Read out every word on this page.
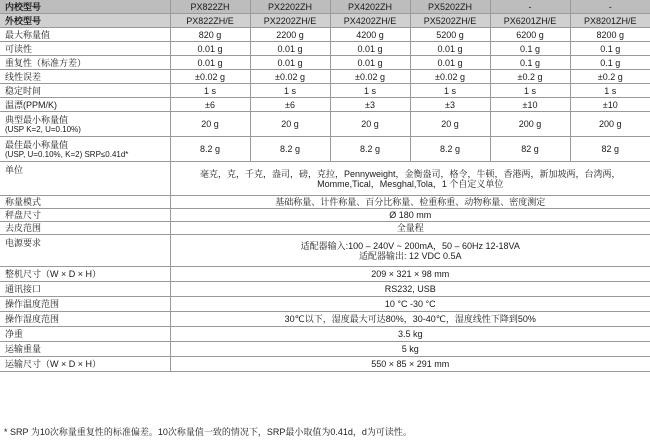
内校型号	PX822ZH	PX2202ZH	PX4202ZH	PX5202ZH	-	-
外校型号	PX822ZH/E	PX2202ZH/E	PX4202ZH/E	PX5202ZH/E	PX6201ZH/E	PX8201ZH/E
最大称量值	820 g	2200 g	4200 g	5200 g	6200 g	8200 g
可读性	0.01 g	0.01 g	0.01 g	0.01 g	0.1 g	0.1 g
重复性（标准方差）	0.01 g	0.01 g	0.01 g	0.01 g	0.1 g	0.1 g
线性误差	±0.02 g	±0.02 g	±0.02 g	±0.02 g	±0.2 g	±0.2 g
稳定时间	1 s	1 s	1 s	1 s	1 s	1 s
温漂(PPM/K)	±6	±6	±3	±3	±10	±10

典型最小称量值
(USP K=2, U=0.10%)	20 g	20 g	20 g	20 g	200 g	200 g

最佳最小称量值
(USP, U=0.10%, K=2) SRP≤0.41d*	8.2 g	8.2 g	8.2 g	8.2 g	82 g	82 g
单位	毫克，克，千克，盎司，磅，克拉，Pennyweight，金衡盎司，格令，牛顿，香港两，新加坡两，台湾两，Momme,Tical，Mesghal,Tola，1 个自定义单位					
称量模式	基础称量、计件称量、百分比称量、检重称重、动物称量、密度测定					
秤盘尺寸	Ø 180 mm					
去皮范围	全量程					
电源要求	适配器输入:100 – 240V ~ 200mA，50 – 60Hz 12-18VA
适配器输出: 12 VDC 0.5A					

整机尺寸（W × D × H）	209 × 321 × 98 mm					
通讯接口	RS232, USB					
操作温度范围	10 °C -30 °C					
操作湿度范围	30℃以下，湿度最大可达80%，30-40℃，湿度线性下降到50%					
净重	3.5 kg					
运输重量	5 kg					
运输尺寸（W × D × H）	550 × 85 × 291 mm					
* SRP 为10次称量重复性的标准偏差。10次称量值一致的情况下，SRP最小取值为0.41d，d为可读性。
